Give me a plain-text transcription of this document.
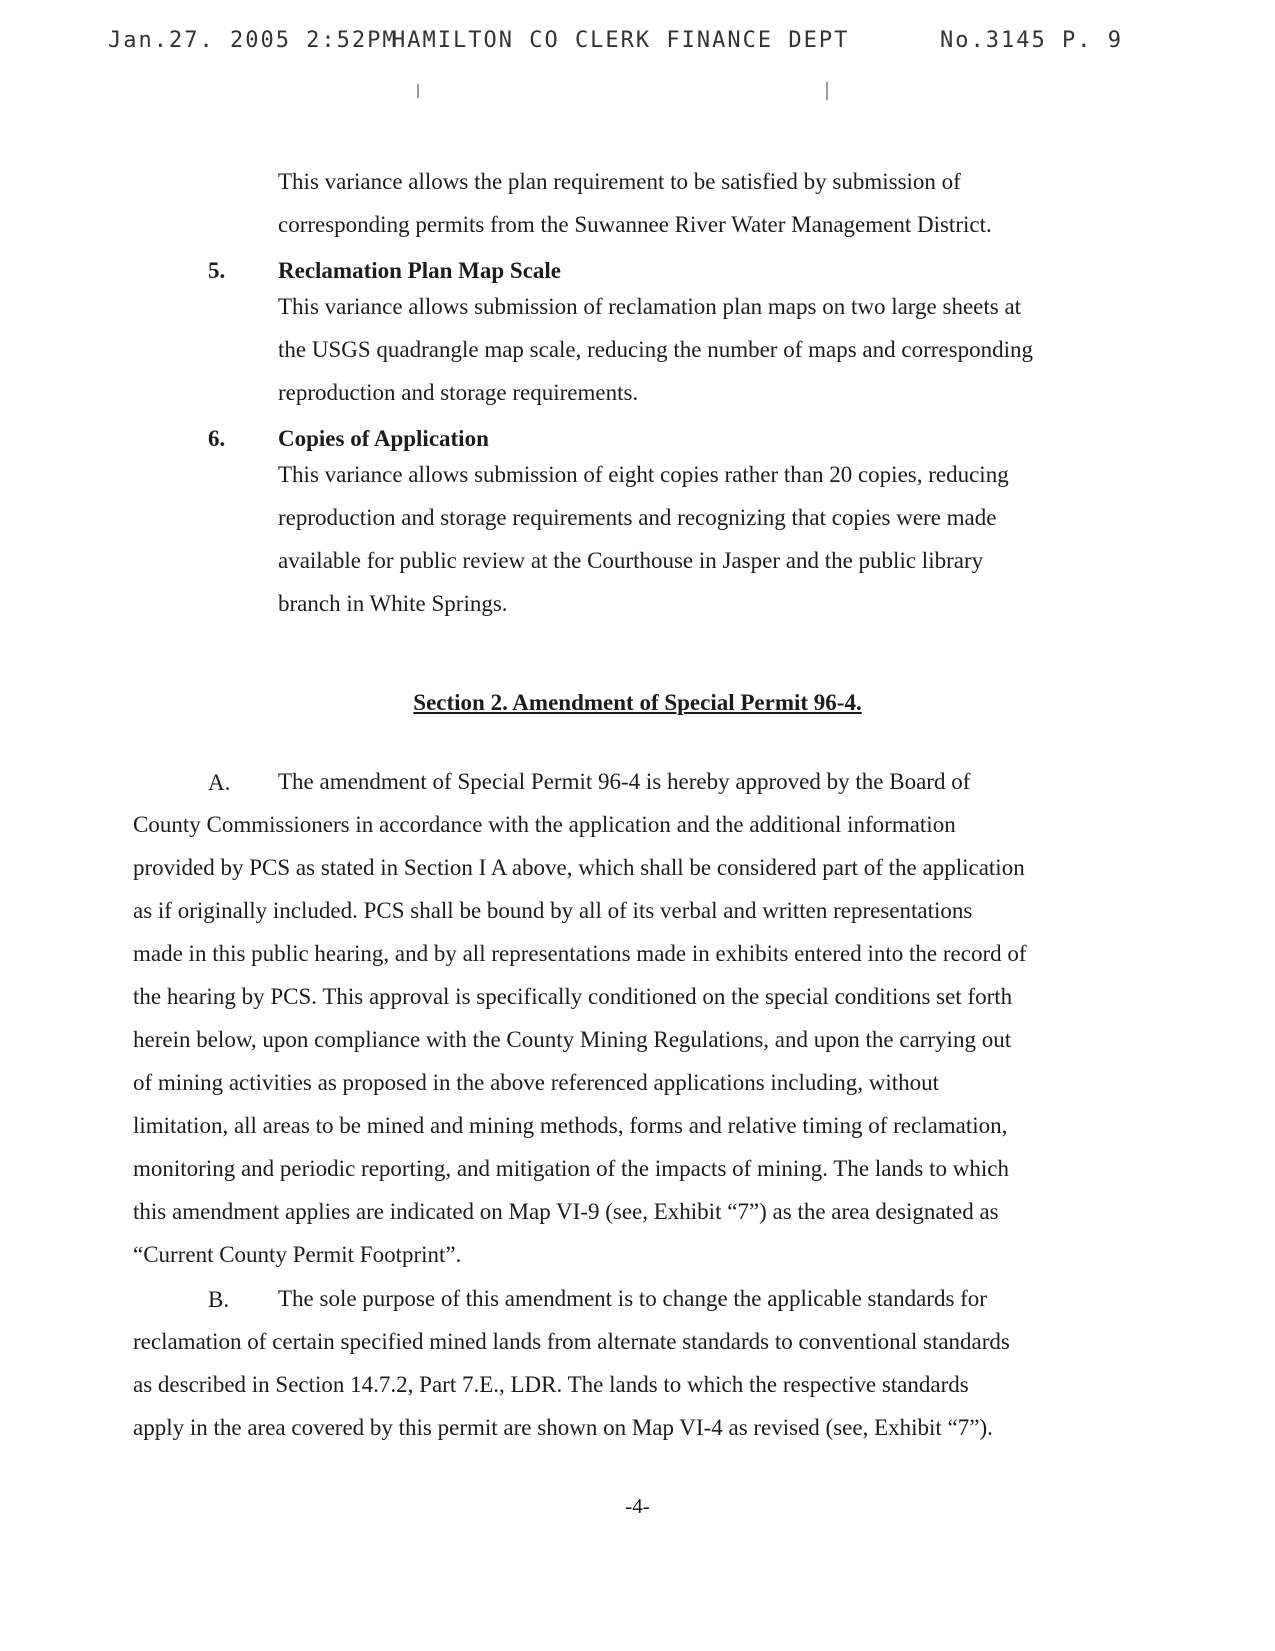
Jan.27. 2005 2:52PM
HAMILTON CO CLERK FINANCE DEPT	No.3145 P. 9
This variance allows the plan requirement to be satisfied by submission of
corresponding permits from the Suwannee River Water Management District.
5. Reclamation Plan Map Scale
This variance allows submission of reclamation plan maps on two large sheets at
the USGS quadrangle map scale, reducing the number of maps and corresponding
reproduction and storage requirements.
6. Copies of Application
This variance allows submission of eight copies rather than 20 copies, reducing
reproduction and storage requirements and recognizing that copies were made
available for public review at the Courthouse in Jasper and the public library
branch in White Springs.
Section 2. Amendment of Special Permit 96-4.
A.	The amendment of Special Permit 96-4 is hereby approved by the Board of
County Commissioners in accordance with the application and the additional information
provided by PCS as stated in Section I A above, which shall be considered part of the application
as if originally included. PCS shall be bound by all of its verbal and written representations
made in this public hearing, and by all representations made in exhibits entered into the record of
the hearing by PCS. This approval is specifically conditioned on the special conditions set forth
herein below, upon compliance with the County Mining Regulations, and upon the carrying out
of mining activities as proposed in the above referenced applications including, without
limitation, all areas to be mined and mining methods, forms and relative timing of reclamation,
monitoring and periodic reporting, and mitigation of the impacts of mining. The lands to which
this amendment applies are indicated on Map VI-9 (see, Exhibit “7”) as the area designated as
“Current County Permit Footprint”.
B.	The sole purpose of this amendment is to change the applicable standards for
reclamation of certain specified mined lands from alternate standards to conventional standards
as described in Section 14.7.2, Part 7.E., LDR. The lands to which the respective standards
apply in the area covered by this permit are shown on Map VI-4 as revised (see, Exhibit “7”).
-4-
